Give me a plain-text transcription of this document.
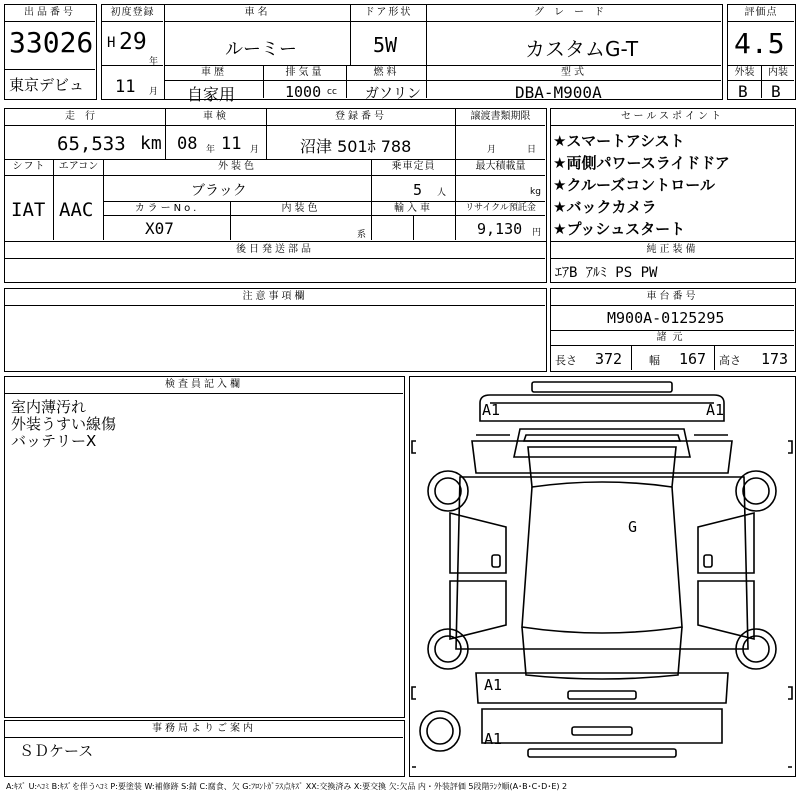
出品番号
33026
東京デビュ
初度登録
H 29
年
11 月
車名	ドア形状	グレード
ルーミー	5W	カスタムG-T
車歴	排気量	燃料	型式
自家用	1000 cc ガソリン	DBA-M900A
評価点
4.5
外装	内装
B B
走行	車検	登録番号	譲渡書類期限
65,533 km 08 年 11 月	沼津 501ﾎ 788	月	日
シフト	エアコン	外装色	乗車定員	最大積載量
IAT AAC
ブラック	5 人	kg
カラーNo.	内装色	輸入車	リサイクル預託金
X07	系	9,130 円
後日発送部品
セールスポイント
★スマートアシスト
★両側パワースライドドア
★クルーズコントロール
★バックカメラ
★プッシュスタート
純正装備
ｴｱB ｱﾙﾐ PS PW
注意事項欄	車台番号
M900A-0125295
諸元
長さ 372 幅 167 高さ 173
検査員記入欄
室内薄汚れ
外装うすい線傷
バッテリーX
事務局よりご案内
ＳＤケース
A1	A1
G
A1
A1
A:ｷｽﾞ U:ﾍｺﾐ B:ｷｽﾞを伴うﾍｺﾐ P:要塗装 W:補修跡 S:錆 C:腐食、欠 G:ﾌﾛﾝﾄｶﾞﾗｽ点ｷｽﾞ XX:交換済み X:要交換 欠:欠品 内・外装評価 5段階ﾗﾝｸ順(A･B･C･D･E) 2
